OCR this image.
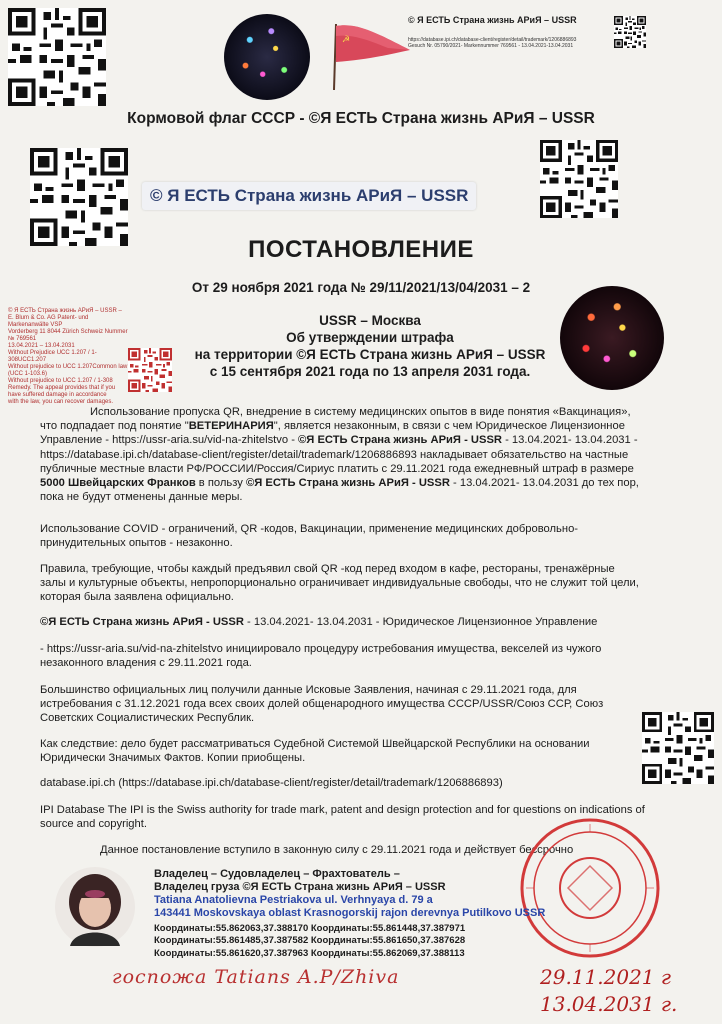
☭
© Я ЕСТЬ Страна жизнь АРиЯ – USSR
https://database.ipi.ch/database-client/register/detail/trademark/1206886893
Gesuch Nr. 05790/2021- Markennummer 769561 - 13.04.2021-13.04.2031
Кормовой флаг СССР - ©Я ЕСТЬ Страна жизнь АРиЯ – USSR
© Я ЕСТЬ Страна жизнь АРиЯ – USSR
ПОСТАНОВЛЕНИЕ
От 29 ноября 2021 года № 29/11/2021/13/04/2031 – 2
© Я ЕСТЬ Страна жизнь АРиЯ – USSR –
E. Blum & Co. AG Patent- und Markenanwälte VSP
Vorderberg 11 8044 Zürich Schweiz Nummer № 769561
13.04.2021 – 13.04.2031
Without Prejudice UCC 1.207 / 1-308UCC1.207
Without prejudice to UCC 1.207Common law
(UCC 1-103.6)
Without prejudice to UCC 1.207 / 1-308
Remedy. The appeal provides that if you
have suffered damage in accordance
with the law, you can recover damages.
USSR – Москва
Об утверждении штрафа
на территории ©Я ЕСТЬ Страна жизнь АРиЯ – USSR
с 15 сентября 2021 года по 13 апреля 2031 года.
Использование пропуска QR, внедрение в систему медицинских опытов в виде понятия «Вакцинация», что подпадает под понятие "ВЕТЕРИНАРИЯ", является незаконным, в связи с чем Юридическое Лицензионное Управление - https://ussr-aria.su/vid-na-zhitelstvo - ©Я ЕСТЬ Страна жизнь АРиЯ - USSR - 13.04.2021- 13.04.2031 - https://database.ipi.ch/database-client/register/detail/trademark/1206886893 накладывает обязательство на частные публичные местные власти РФ/РОССИИ/Россия/Сириус платить с 29.11.2021 года ежедневный штраф в размере 5000 Швейцарских Франков в пользу ©Я ЕСТЬ Страна жизнь АРиЯ - USSR - 13.04.2021- 13.04.2031 до тех пор, пока не будут отменены данные меры.
Использование COVID - ограничений, QR -кодов, Вакцинации, применение медицинских добровольно-принудительных опытов - незаконно.
Правила, требующие, чтобы каждый предъявил свой QR -код перед входом в кафе, рестораны, тренажёрные залы и культурные объекты, непропорционально ограничивает индивидуальные свободы, что не служит той цели, которая была заявлена официально.
©Я ЕСТЬ Страна жизнь АРиЯ - USSR - 13.04.2021- 13.04.2031 - Юридическое Лицензионное Управление
- https://ussr-aria.su/vid-na-zhitelstvo инициировало процедуру истребования имущества, векселей из чужого незаконного владения с 29.11.2021 года.
Большинство официальных лиц получили данные Исковые Заявления, начиная с 29.11.2021 года, для истребования с 31.12.2021 года всех своих долей общенародного имущества СССР/USSR/Союз ССР, Союз Советских Социалистических Республик.
Как следствие: дело будет рассматриваться Судебной Системой Швейцарской Республики на основании Юридически Значимых Фактов. Копии приобщены.
database.ipi.ch (https://database.ipi.ch/database-client/register/detail/trademark/1206886893)
IPI Database The IPI is the Swiss authority for trade mark, patent and design protection and for questions on indications of source and copyright.
Данное постановление вступило в законную силу с 29.11.2021 года и действует бессрочно
Владелец – Судовладелец – Фрахтователь –
Владелец груза ©Я ЕСТЬ Страна жизнь АРиЯ – USSR
Tatiana Anatolievna Pestriakova ul. Verhnyaya d. 79 a
143441 Moskovskaya oblast Krasnogorskij rajon derevnya Putilkovo USSR
Координаты:55.862063,37.388170 Координаты:55.861448,37.387971
Координаты:55.861485,37.387582 Координаты:55.861650,37.387628
Координаты:55.861620,37.387963 Координаты:55.862069,37.388113
госпожа Tatians A.P/Zhiva	29.11.2021 г
13.04.2031 г.
